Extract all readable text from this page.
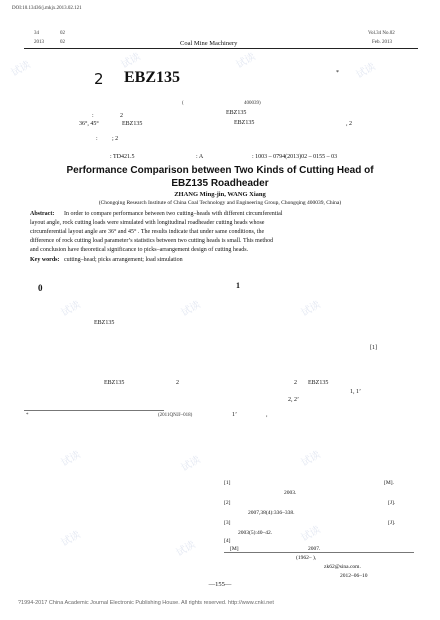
DOI:10.13436/j.mkjx.2013.02.121
34	02
2013	02	Coal Mine Machinery
Vol.34 No.02
Feb. 2013
2 EBZ135	*
(	400039)
:	2	EBZ135
EBZ135
36°, 45°	EBZ135	, 2
: ; 2
: TD421.5	: A	: 1003 – 0794(2013)02 – 0155 – 03
Performance Comparison between Two Kinds of Cutting Head of
EBZ135 Roadheader
ZHANG Ming-jin, WANG Xiang
(Chongqing Research Institute of China Coal Technology and Engineering Group, Chongqing 400039, China)
Abstract: In order to compare performance between two cutting–heads with different circumferential
layout angle, rock cutting loads were simulated with longitudinal roadheader cutting heads whose
circumferential layout angle are 36° and 45° . The results indicate that under same conditions, the
difference of rock cutting load parameter’s statistics between two cutting heads is small. This method
and conclusion have theoretical significance to picks–arrangement design of cutting heads.
Key words: cutting–head; picks arrangement; load simulation
0
EBZ135
[1]
1
EBZ135	2	2 EBZ135
1, 1’
2, 2’
*	(2011QNJJ–018)	1’	,
[1]	[M].
2003.
[2]	[J].
2007,38(4):336–338.
[3]	[J].
2003(5):40–42.
[4]
[M]	2007.
(1962– ),
zk62@sina.com.
2012–06–10
—155—
?1994-2017 China Academic Journal Electronic Publishing House. All rights reserved. http://www.cnki.net
试读	试读	试读
试读
试读	试读	试读
试读	试读	试读
试读
试读
试读
